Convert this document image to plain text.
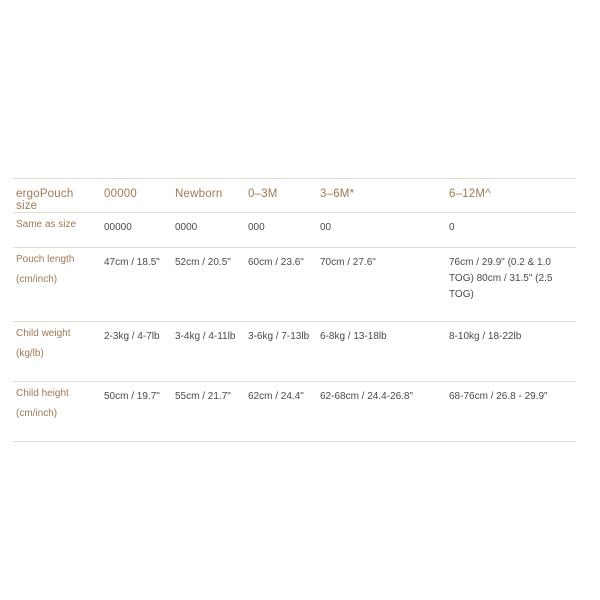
ergoPouch size	00000	Newborn	0–3M	3–6M*	6–12M^
Same as size	00000	0000	000	00	0
Pouch length (cm/inch)	47cm / 18.5"	52cm / 20.5"	60cm / 23.6"	70cm / 27.6"	76cm / 29.9" (0.2 & 1.0 TOG) 80cm / 31.5" (2.5 TOG)
Child weight (kg/lb)	2-3kg / 4-7lb	3-4kg / 4-11lb	3-6kg / 7-13lb	6-8kg / 13-18lb	8-10kg / 18-22lb
Child height (cm/inch)	50cm / 19.7"	55cm / 21.7"	62cm / 24.4"	62-68cm / 24.4-26.8"	68-76cm / 26.8 - 29.9"
